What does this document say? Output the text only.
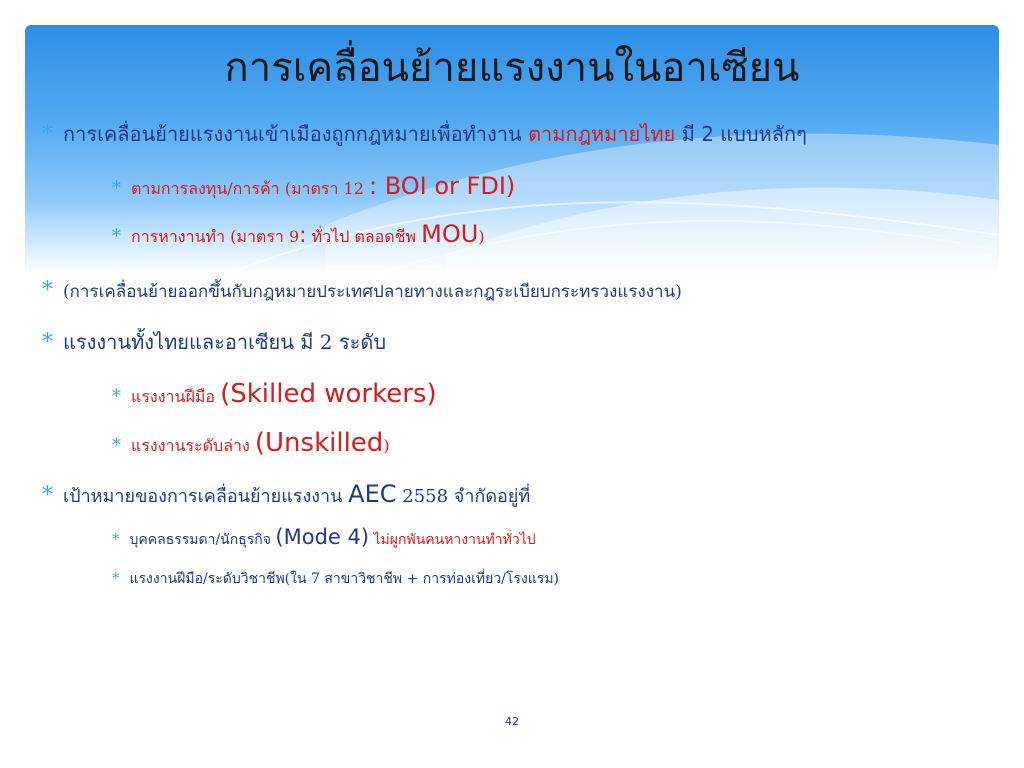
การเคลื่อนย้ายแรงงานในอาเซียน
* การเคลื่อนย้ายแรงงานเข้าเมืองถูกกฎหมายเพื่อทำงาน ตามกฎหมายไทย มี 2 แบบหลักๆ
* ตามการลงทุน/การค้า (มาตรา 12 : BOI or FDI)
* การหางานทำ (มาตรา 9: ทั่วไป ตลอดชีพ MOU)
* (การเคลื่อนย้ายออกขึ้นกับกฎหมายประเทศปลายทางและกฎระเบียบกระทรวงแรงงาน)
* แรงงานทั้งไทยและอาเซียน มี 2 ระดับ
* แรงงานฝีมือ (Skilled workers)
* แรงงานระดับล่าง (Unskilled)
* เป้าหมายของการเคลื่อนย้ายแรงงาน AEC 2558 จำกัดอยู่ที่
* บุคคลธรรมดา/นักธุรกิจ (Mode 4) ไม่ผูกพันคนหางานทำทั่วไป
* แรงงานฝีมือ/ระดับวิชาชีพ(ใน 7 สาขาวิชาชีพ + การท่องเที่ยว/โรงแรม)
42
